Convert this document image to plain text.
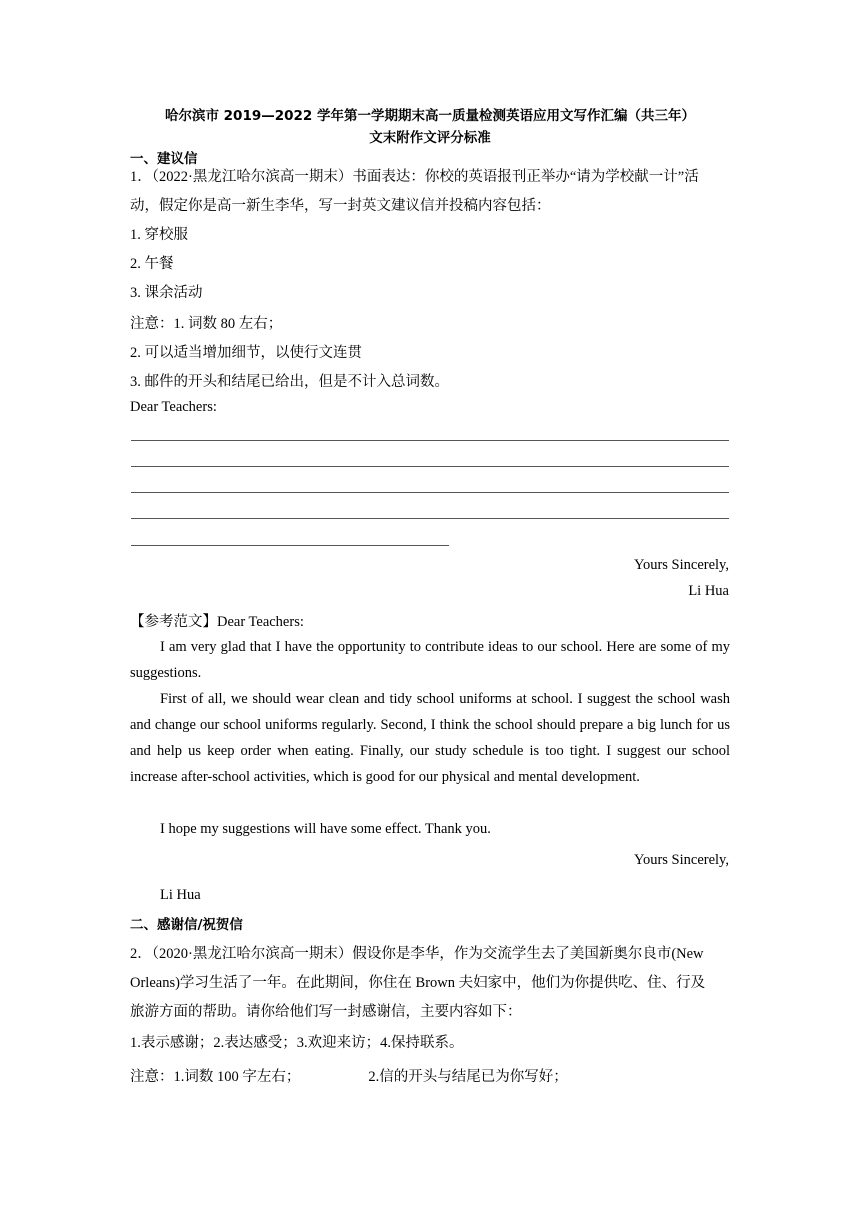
哈尔滨市 2019—2022 学年第一学期期末高一质量检测英语应用文写作汇编（共三年）
文末附作文评分标准
一、建议信
1．（2022·黑龙江哈尔滨高一期末）书面表达：你校的英语报刊正举办“请为学校献一计”活
动，假定你是高一新生李华，写一封英文建议信并投稿内容包括：
1. 穿校服
2. 午餐
3. 课余活动
注意：1. 词数 80 左右；
2. 可以适当增加细节，以使行文连贯
3. 邮件的开头和结尾已给出，但是不计入总词数。
Dear Teachers:
Yours Sincerely,
Li Hua
【参考范文】Dear Teachers:
I am very glad that I have the opportunity to contribute ideas to our school. Here are some of my suggestions.
First of all, we should wear clean and tidy school uniforms at school. I suggest the school wash and change our school uniforms regularly. Second, I think the school should prepare a big lunch for us and help us keep order when eating. Finally, our study schedule is too tight. I suggest our school increase after-school activities, which is good for our physical and mental development.
I hope my suggestions will have some effect. Thank you.
Yours Sincerely,
Li Hua
二、感谢信/祝贺信
2．（2020·黑龙江哈尔滨高一期末）假设你是李华，作为交流学生去了美国新奥尔良市(New
Orleans)学习生活了一年。在此期间，你住在 Brown 夫妇家中，他们为你提供吃、住、行及
旅游方面的帮助。请你给他们写一封感谢信，主要内容如下：
1.表示感谢；2.表达感受；3.欢迎来访；4.保持联系。
注意：1.词数 100 字左右；	2.信的开头与结尾已为你写好；
